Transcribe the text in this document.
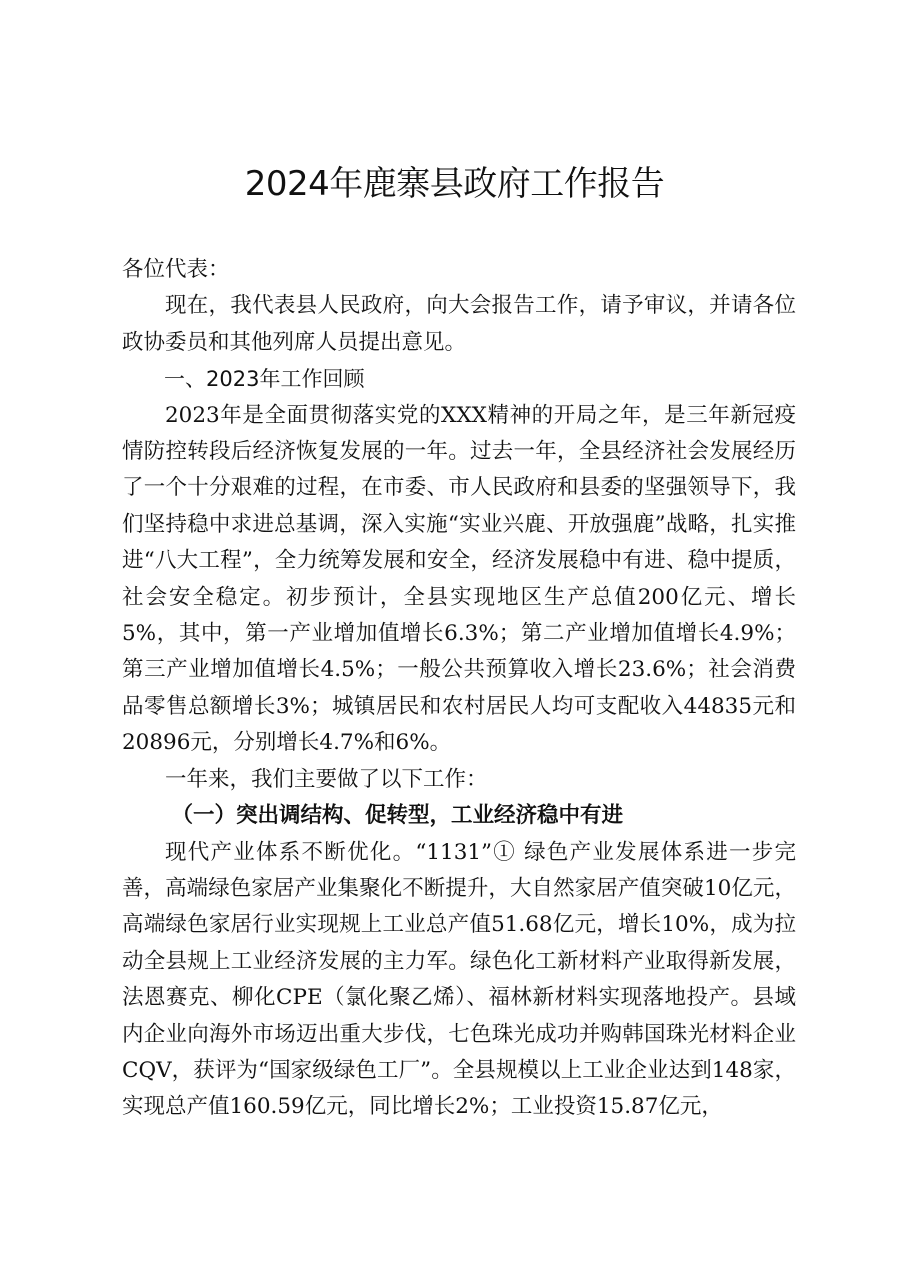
2024年鹿寨县政府工作报告

各位代表：

现在，我代表县人民政府，向大会报告工作，请予审议，并请各位政协委员和其他列席人员提出意见。

一、2023年工作回顾

2023年是全面贯彻落实党的XXX精神的开局之年，是三年新冠疫情防控转段后经济恢复发展的一年。过去一年，全县经济社会发展经历了一个十分艰难的过程，在市委、市人民政府和县委的坚强领导下，我们坚持稳中求进总基调，深入实施“实业兴鹿、开放强鹿”战略，扎实推进“八大工程”，全力统筹发展和安全，经济发展稳中有进、稳中提质，社会安全稳定。初步预计，全县实现地区生产总值200亿元、增长5%，其中，第一产业增加值增长6.3%；第二产业增加值增长4.9%；第三产业增加值增长4.5%；一般公共预算收入增长23.6%；社会消费品零售总额增长3%；城镇居民和农村居民人均可支配收入44835元和20896元，分别增长4.7%和6%。

一年来，我们主要做了以下工作：

（一）突出调结构、促转型，工业经济稳中有进

现代产业体系不断优化。“1131”① 绿色产业发展体系进一步完善，高端绿色家居产业集聚化不断提升，大自然家居产值突破10亿元，高端绿色家居行业实现规上工业总产值51.68亿元，增长10%，成为拉动全县规上工业经济发展的主力军。绿色化工新材料产业取得新发展，法恩赛克、柳化CPE（氯化聚乙烯）、福林新材料实现落地投产。县域内企业向海外市场迈出重大步伐，七色珠光成功并购韩国珠光材料企业CQV，获评为“国家级绿色工厂”。全县规模以上工业企业达到148家，实现总产值160.59亿元，同比增长2%；工业投资15.87亿元，
